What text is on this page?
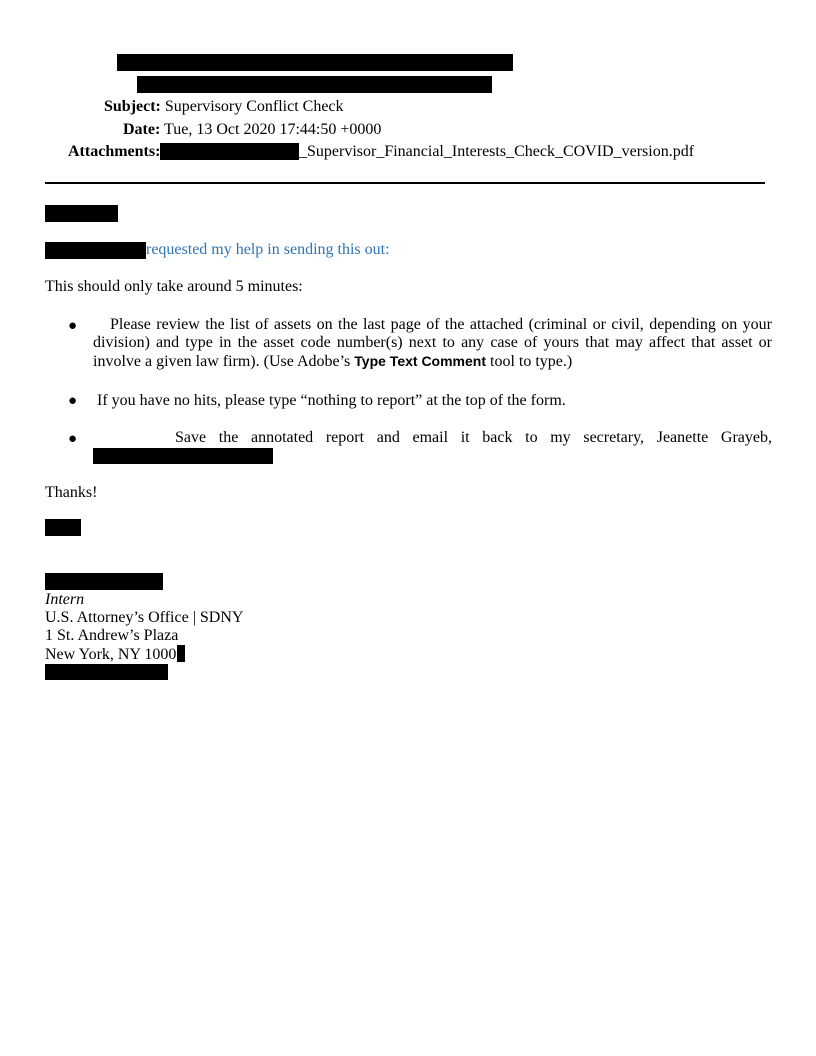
Subject: Supervisory Conflict Check
Date: Tue, 13 Oct 2020 17:44:50 +0000
Attachments:	_Supervisor_Financial_Interests_Check_COVID_version.pdf
requested my help in sending this out:
This should only take around 5 minutes:
●	Please review the list of assets on the last page of the attached (criminal or civil, depending on your division) and type in the asset code number(s) next to any case of yours that may affect that asset or involve a given law firm). (Use Adobe’s Type Text Comment tool to type.)
● If you have no hits, please type “nothing to report” at the top of the form.
●	Save the annotated report and email it back to my secretary, Jeanette Grayeb,
Thanks!
Intern
U.S. Attorney’s Office | SDNY
1 St. Andrew’s Plaza
New York, NY 1000
